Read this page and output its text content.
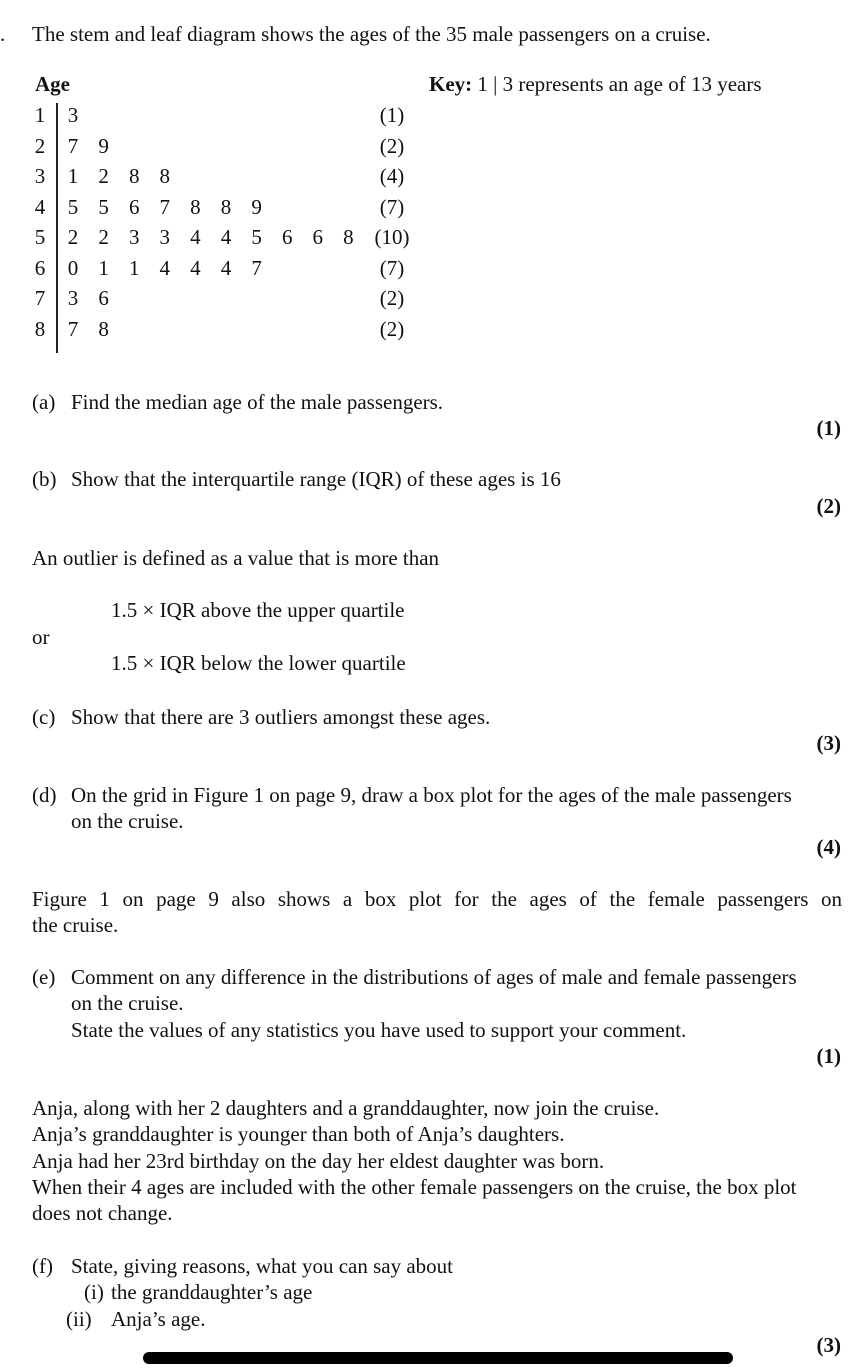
. The stem and leaf diagram shows the ages of the 35 male passengers on a cruise.
Age	Key: 1 | 3 represents an age of 13 years
1 3	(1)
2 7 9	(2)
3 1 2 8 8	(4)
4 5 5 6 7 8 8 9	(7)
5 2 2 3 3 4 4 5 6 6 8 (10)
6 0 1 1 4 4 4 7	(7)
7 3 6	(2)
8 7 8	(2)
(a) Find the median age of the male passengers.
(1)
(b) Show that the interquartile range (IQR) of these ages is 16
(2)
An outlier is defined as a value that is more than
1.5 × IQR above the upper quartile
or
1.5 × IQR below the lower quartile
(c) Show that there are 3 outliers amongst these ages.
(3)
(d) On the grid in Figure 1 on page 9, draw a box plot for the ages of the male passengers
on the cruise.
(4)
Figure 1 on page 9 also shows a box plot for the ages of the female passengers on
the cruise.
(e) Comment on any difference in the distributions of ages of male and female passengers
on the cruise.
State the values of any statistics you have used to support your comment.
(1)
Anja, along with her 2 daughters and a granddaughter, now join the cruise.
Anja’s granddaughter is younger than both of Anja’s daughters.
Anja had her 23rd birthday on the day her eldest daughter was born.
When their 4 ages are included with the other female passengers on the cruise, the box plot
does not change.
(f) State, giving reasons, what you can say about
(i) the granddaughter’s age
(ii) Anja’s age.
(3)
